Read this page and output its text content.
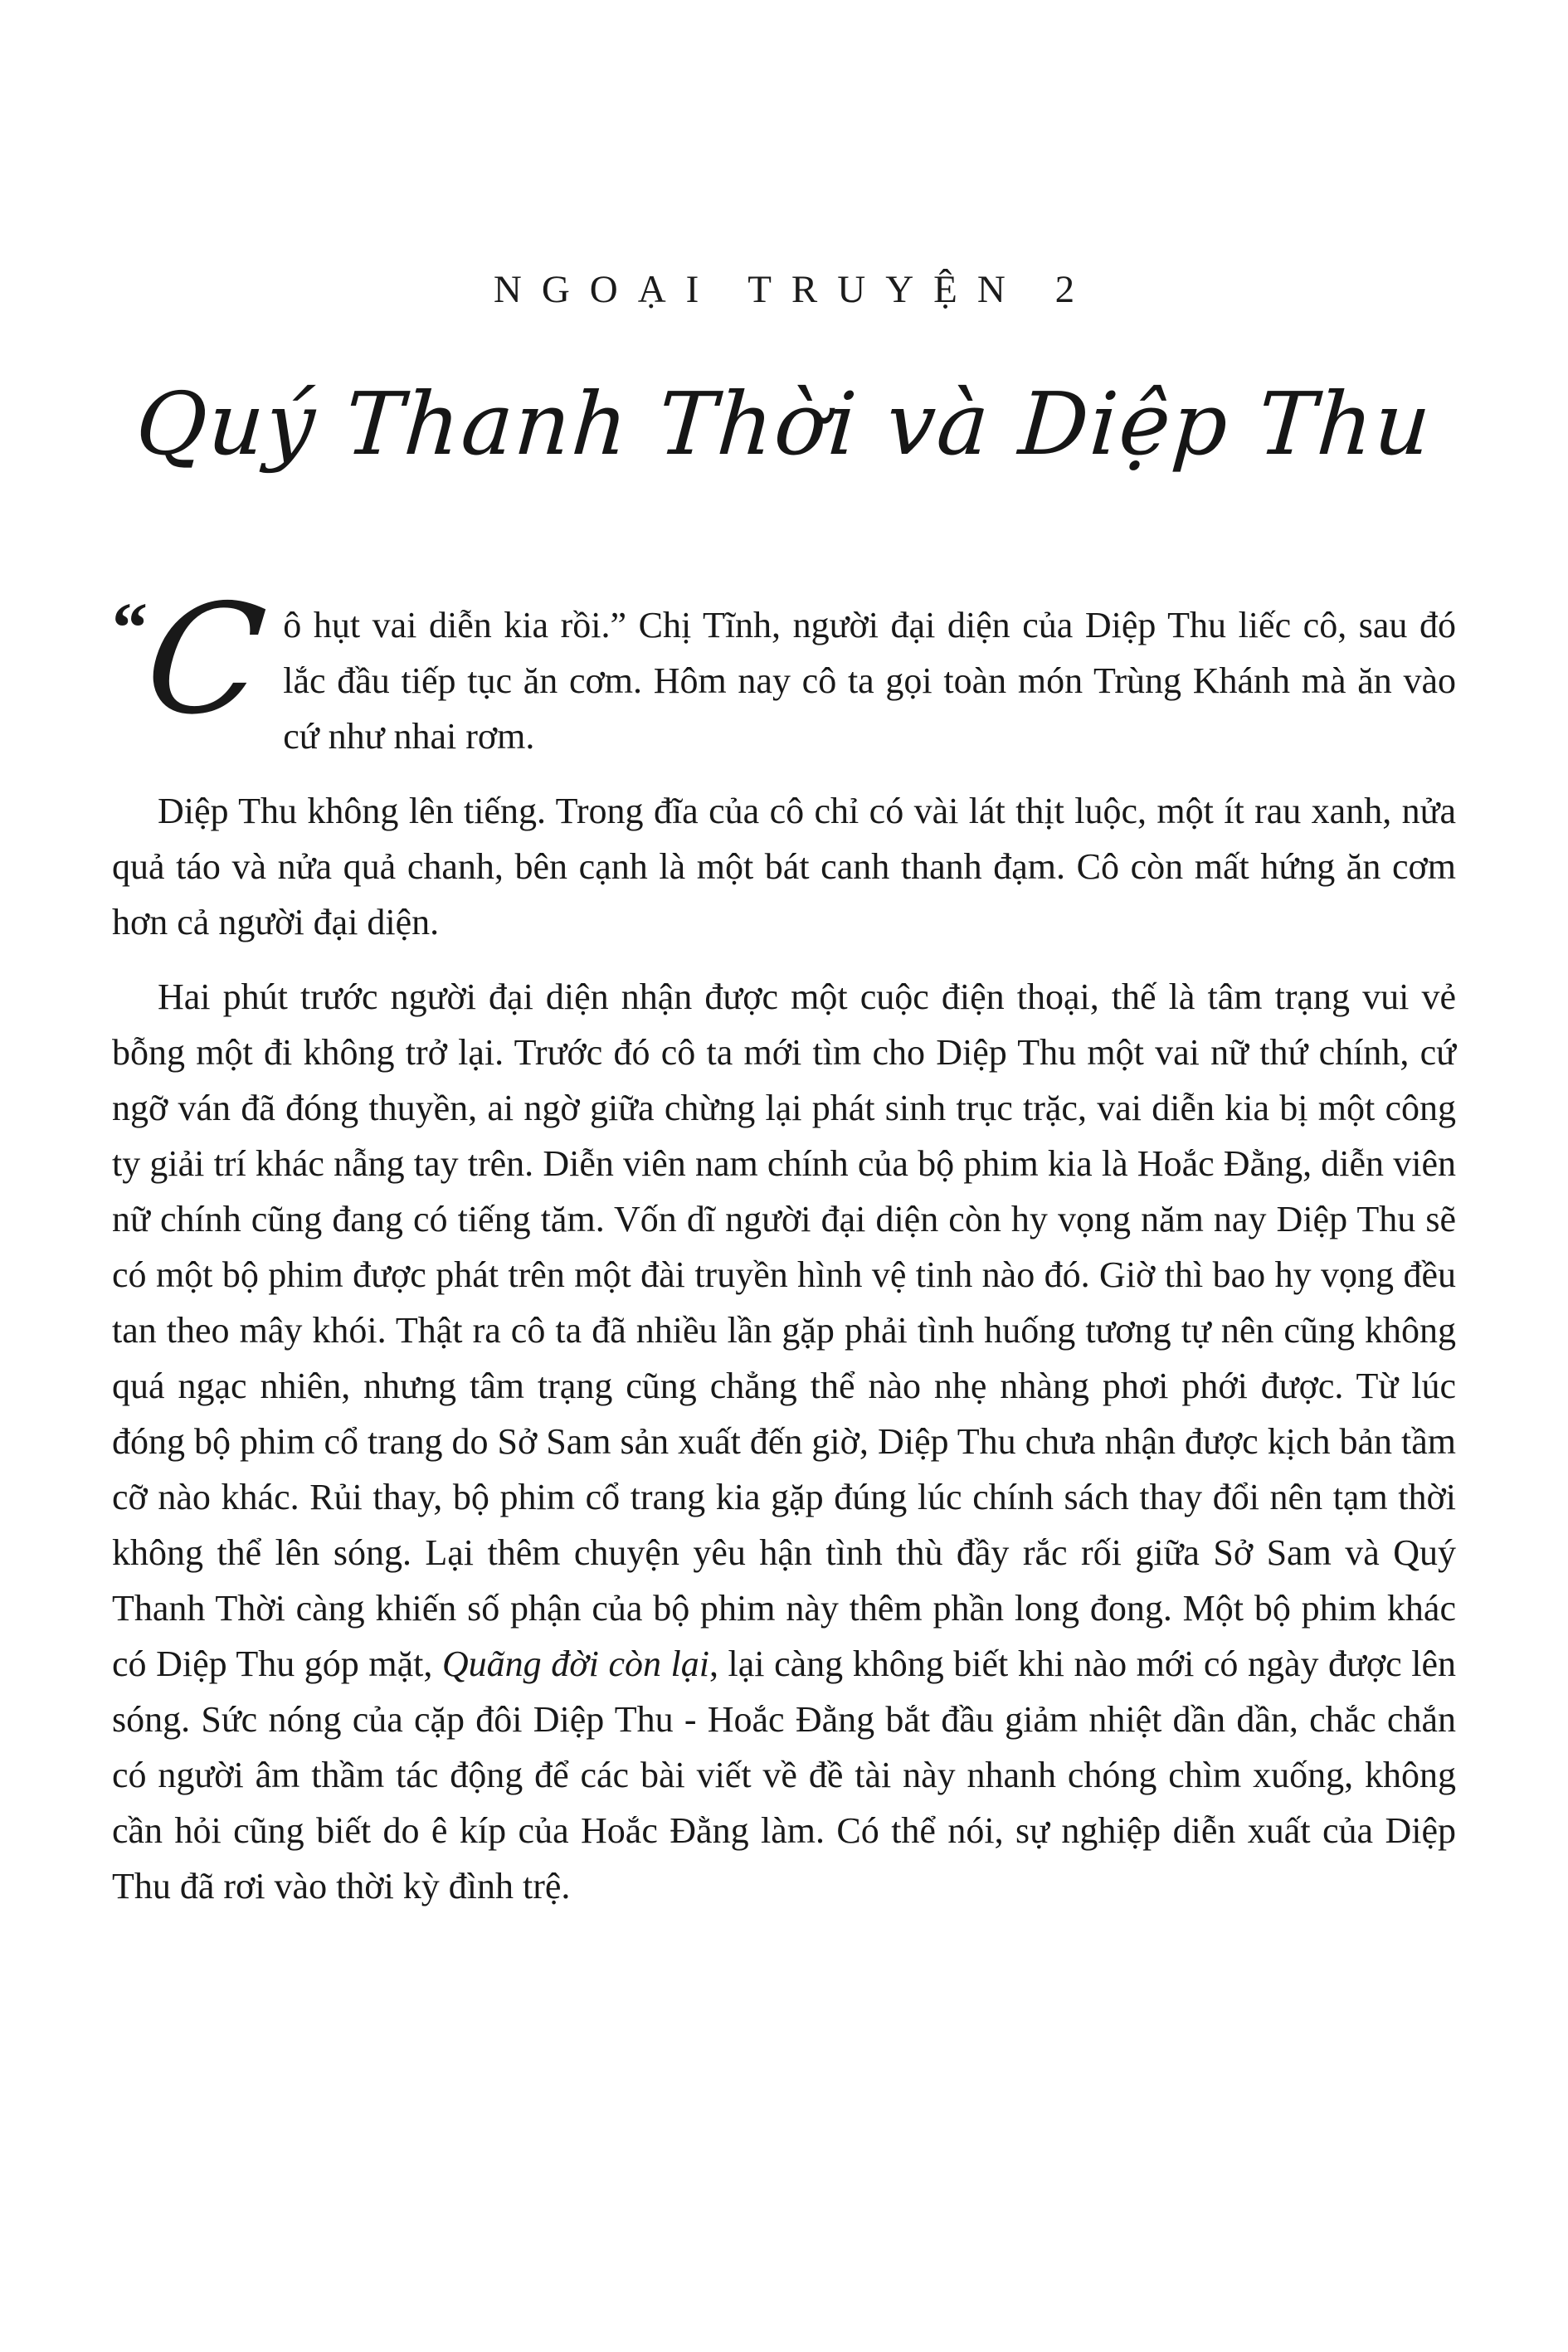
NGOẠI TRUYỆN 2
Quý Thanh Thời và Diệp Thu

“C ô hụt vai diễn kia rồi.” Chị Tĩnh, người đại diện của Diệp Thu liếc cô, sau đó lắc đầu tiếp tục ăn cơm. Hôm nay cô ta gọi toàn món Trùng Khánh mà ăn vào cứ như nhai rơm.

Diệp Thu không lên tiếng. Trong đĩa của cô chỉ có vài lát thịt luộc, một ít rau xanh, nửa quả táo và nửa quả chanh, bên cạnh là một bát canh thanh đạm. Cô còn mất hứng ăn cơm hơn cả người đại diện.

Hai phút trước người đại diện nhận được một cuộc điện thoại, thế là tâm trạng vui vẻ bỗng một đi không trở lại. Trước đó cô ta mới tìm cho Diệp Thu một vai nữ thứ chính, cứ ngỡ ván đã đóng thuyền, ai ngờ giữa chừng lại phát sinh trục trặc, vai diễn kia bị một công ty giải trí khác nẫng tay trên. Diễn viên nam chính của bộ phim kia là Hoắc Đằng, diễn viên nữ chính cũng đang có tiếng tăm. Vốn dĩ người đại diện còn hy vọng năm nay Diệp Thu sẽ có một bộ phim được phát trên một đài truyền hình vệ tinh nào đó. Giờ thì bao hy vọng đều tan theo mây khói. Thật ra cô ta đã nhiều lần gặp phải tình huống tương tự nên cũng không quá ngạc nhiên, nhưng tâm trạng cũng chẳng thể nào nhẹ nhàng phơi phới được. Từ lúc đóng bộ phim cổ trang do Sở Sam sản xuất đến giờ, Diệp Thu chưa nhận được kịch bản tầm cỡ nào khác. Rủi thay, bộ phim cổ trang kia gặp đúng lúc chính sách thay đổi nên tạm thời không thể lên sóng. Lại thêm chuyện yêu hận tình thù đầy rắc rối giữa Sở Sam và Quý Thanh Thời càng khiến số phận của bộ phim này thêm phần long đong. Một bộ phim khác có Diệp Thu góp mặt, Quãng đời còn lại, lại càng không biết khi nào mới có ngày được lên sóng. Sức nóng của cặp đôi Diệp Thu - Hoắc Đằng bắt đầu giảm nhiệt dần dần, chắc chắn có người âm thầm tác động để các bài viết về đề tài này nhanh chóng chìm xuống, không cần hỏi cũng biết do ê kíp của Hoắc Đằng làm. Có thể nói, sự nghiệp diễn xuất của Diệp Thu đã rơi vào thời kỳ đình trệ.
